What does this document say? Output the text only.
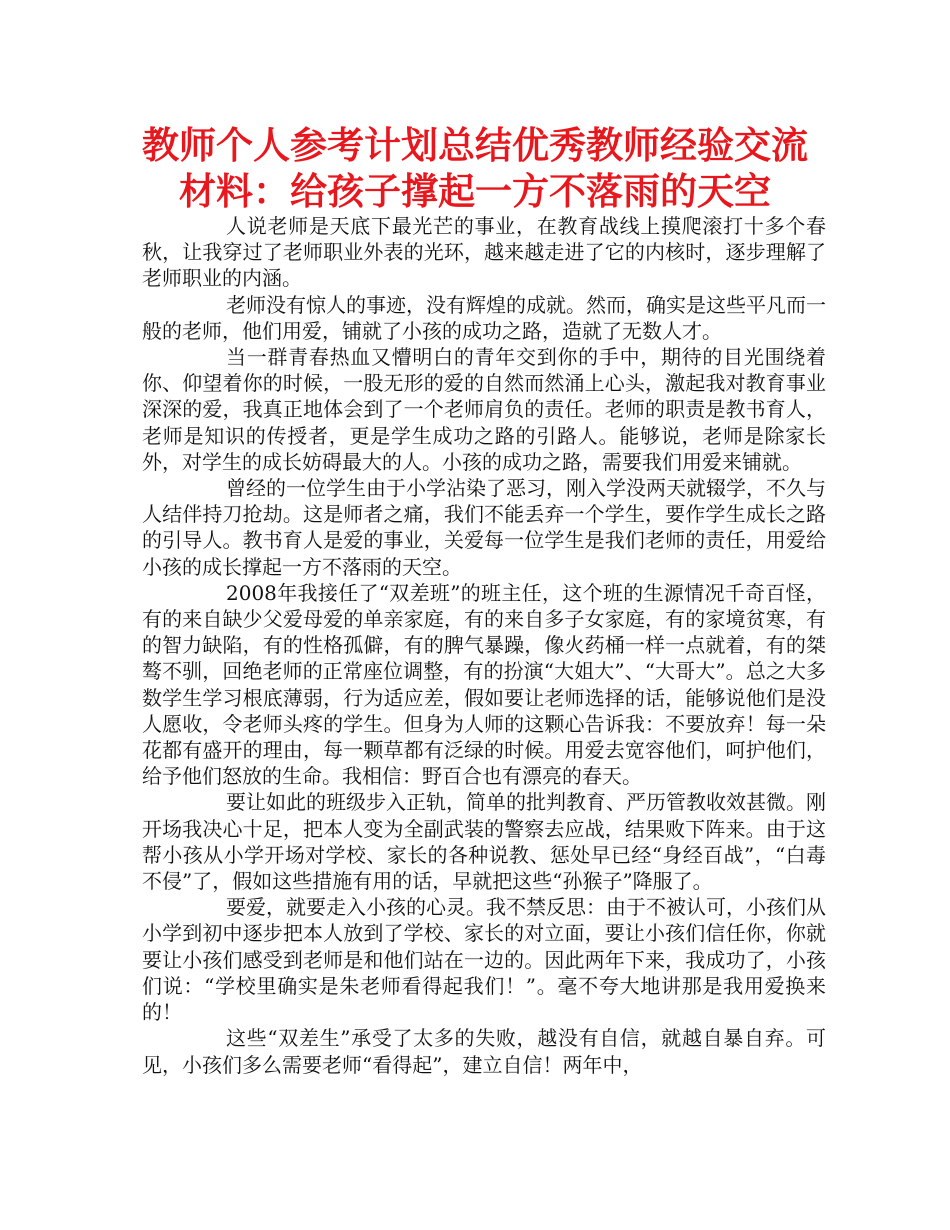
教师个人参考计划总结优秀教师经验交流
材料：给孩子撑起一方不落雨的天空

人说老师是天底下最光芒的事业，在教育战线上摸爬滚打十多个春秋，让我穿过了老师职业外表的光环，越来越走进了它的内核时，逐步理解了老师职业的内涵。

老师没有惊人的事迹，没有辉煌的成就。然而，确实是这些平凡而一般的老师，他们用爱，铺就了小孩的成功之路，造就了无数人才。

当一群青春热血又懵明白的青年交到你的手中，期待的目光围绕着你、仰望着你的时候，一股无形的爱的自然而然涌上心头，激起我对教育事业深深的爱，我真正地体会到了一个老师肩负的责任。老师的职责是教书育人，老师是知识的传授者，更是学生成功之路的引路人。能够说，老师是除家长外，对学生的成长妨碍最大的人。小孩的成功之路，需要我们用爱来铺就。

曾经的一位学生由于小学沾染了恶习，刚入学没两天就辍学，不久与人结伴持刀抢劫。这是师者之痛，我们不能丢弃一个学生，要作学生成长之路的引导人。教书育人是爱的事业，关爱每一位学生是我们老师的责任，用爱给小孩的成长撑起一方不落雨的天空。

2008年我接任了“双差班”的班主任，这个班的生源情况千奇百怪，有的来自缺少父爱母爱的单亲家庭，有的来自多子女家庭，有的家境贫寒，有的智力缺陷，有的性格孤僻，有的脾气暴躁，像火药桶一样一点就着，有的桀骜不驯，回绝老师的正常座位调整，有的扮演“大姐大”、“大哥大”。总之大多数学生学习根底薄弱，行为适应差，假如要让老师选择的话，能够说他们是没人愿收，令老师头疼的学生。但身为人师的这颗心告诉我：不要放弃！每一朵花都有盛开的理由，每一颗草都有泛绿的时候。用爱去宽容他们，呵护他们，给予他们怒放的生命。我相信：野百合也有漂亮的春天。

要让如此的班级步入正轨，简单的批判教育、严历管教收效甚微。刚开场我决心十足，把本人变为全副武装的警察去应战，结果败下阵来。由于这帮小孩从小学开场对学校、家长的各种说教、惩处早已经“身经百战”，“白毒不侵”了，假如这些措施有用的话，早就把这些“孙猴子”降服了。

要爱，就要走入小孩的心灵。我不禁反思：由于不被认可，小孩们从小学到初中逐步把本人放到了学校、家长的对立面，要让小孩们信任你，你就要让小孩们感受到老师是和他们站在一边的。因此两年下来，我成功了，小孩们说：“学校里确实是朱老师看得起我们！”。毫不夸大地讲那是我用爱换来的！

这些“双差生”承受了太多的失败，越没有自信，就越自暴自弃。可见，小孩们多么需要老师“看得起”，建立自信！两年中，
